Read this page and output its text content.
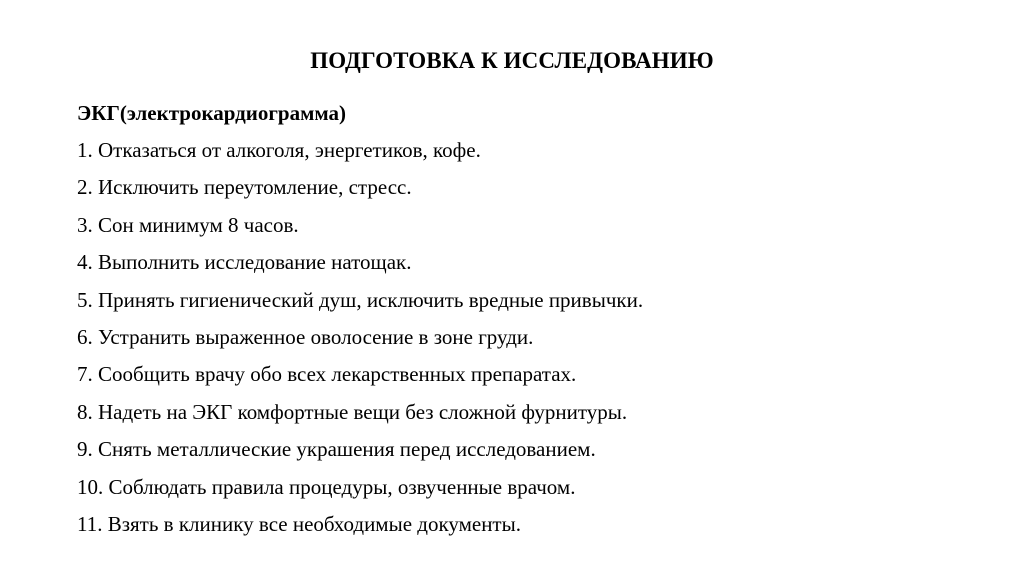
ПОДГОТОВКА К ИССЛЕДОВАНИЮ
ЭКГ(электрокардиограмма)
1. Отказаться от алкоголя, энергетиков, кофе.
2. Исключить переутомление, стресс.
3. Сон минимум 8 часов.
4. Выполнить исследование натощак.
5. Принять гигиенический душ, исключить вредные привычки.
6. Устранить выраженное оволосение в зоне груди.
7. Сообщить врачу обо всех лекарственных препаратах.
8. Надеть на ЭКГ комфортные вещи без сложной фурнитуры.
9. Снять металлические украшения перед исследованием.
10. Соблюдать правила процедуры, озвученные врачом.
11. Взять в клинику все необходимые документы.
